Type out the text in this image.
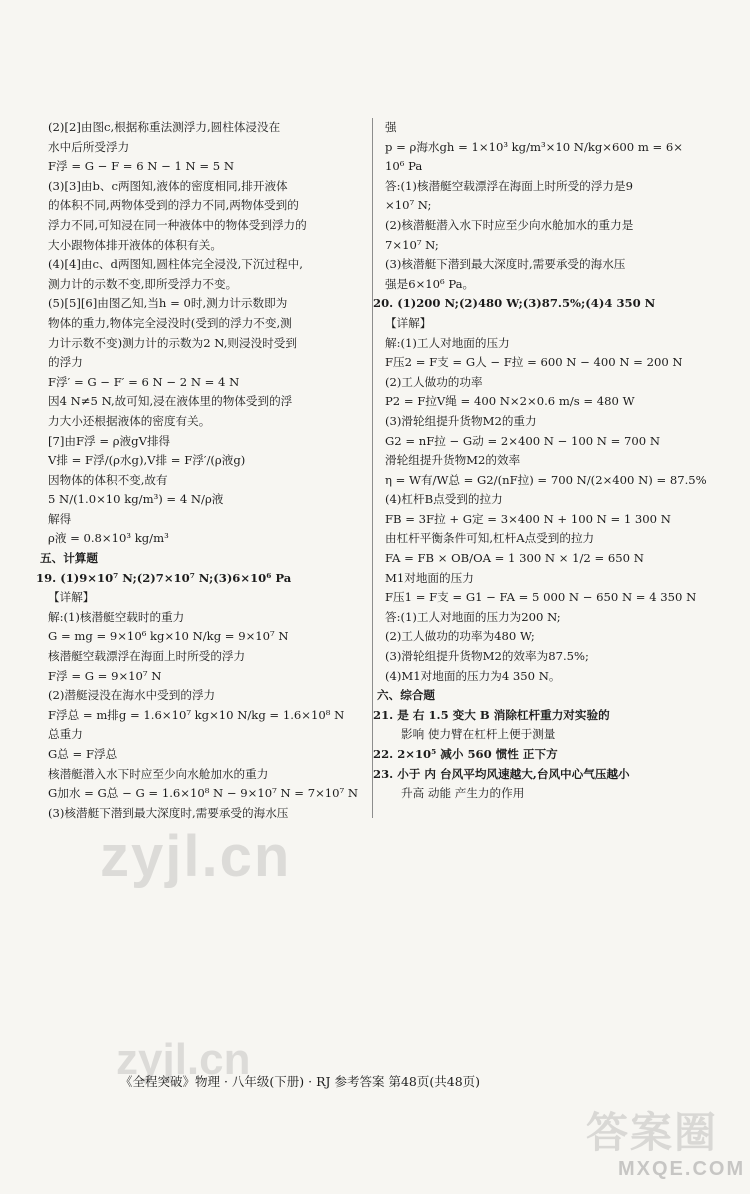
(2)[2]由图c,根据称重法测浮力,圆柱体浸没在
水中后所受浮力
F浮 = G − F = 6 N − 1 N = 5 N
(3)[3]由b、c两图知,液体的密度相同,排开液体
的体积不同,两物体受到的浮力不同,两物体受到的
浮力不同,可知浸在同一种液体中的物体受到浮力的
大小跟物体排开液体的体积有关。
(4)[4]由c、d两图知,圆柱体完全浸没,下沉过程中,
测力计的示数不变,即所受浮力不变。
(5)[5][6]由图乙知,当h = 0时,测力计示数即为
物体的重力,物体完全浸没时(受到的浮力不变,测
力计示数不变)测力计的示数为2 N,则浸没时受到
的浮力
F浮′ = G − F′ = 6 N − 2 N = 4 N
因4 N≠5 N,故可知,浸在液体里的物体受到的浮
力大小还根据液体的密度有关。
[7]由F浮 = ρ液gV排得
V排 = F浮/(ρ水g),V排 = F浮′/(ρ液g)
因物体的体积不变,故有
5 N/(1.0×10 kg/m³) = 4 N/ρ液
解得
ρ液 = 0.8×10³ kg/m³
五、计算题
19. (1)9×10⁷ N;(2)7×10⁷ N;(3)6×10⁶ Pa
【详解】
解:(1)核潜艇空载时的重力
G = mg = 9×10⁶ kg×10 N/kg = 9×10⁷ N
核潜艇空载漂浮在海面上时所受的浮力
F浮 = G = 9×10⁷ N
(2)潜艇浸没在海水中受到的浮力
F浮总 = m排g = 1.6×10⁷ kg×10 N/kg = 1.6×10⁸ N
总重力
G总 = F浮总
核潜艇潜入水下时应至少向水舱加水的重力
G加水 = G总 − G = 1.6×10⁸ N − 9×10⁷ N = 7×10⁷ N
(3)核潜艇下潜到最大深度时,需要承受的海水压
强
p = ρ海水gh = 1×10³ kg/m³×10 N/kg×600 m = 6×
10⁶ Pa
答:(1)核潜艇空载漂浮在海面上时所受的浮力是9
×10⁷ N;
(2)核潜艇潜入水下时应至少向水舱加水的重力是
7×10⁷ N;
(3)核潜艇下潜到最大深度时,需要承受的海水压
强是6×10⁶ Pa。
20. (1)200 N;(2)480 W;(3)87.5%;(4)4 350 N
【详解】
解:(1)工人对地面的压力
F压2 = F支 = G人 − F拉 = 600 N − 400 N = 200 N
(2)工人做功的功率
P2 = F拉V绳 = 400 N×2×0.6 m/s = 480 W
(3)滑轮组提升货物M2的重力
G2 = nF拉 − G动 = 2×400 N − 100 N = 700 N
滑轮组提升货物M2的效率
η = W有/W总 = G2/(nF拉) = 700 N/(2×400 N) = 87.5%
(4)杠杆B点受到的拉力
FB = 3F拉 + G定 = 3×400 N + 100 N = 1 300 N
由杠杆平衡条件可知,杠杆A点受到的拉力
FA = FB × OB/OA = 1 300 N × 1/2 = 650 N
M1对地面的压力
F压1 = F支 = G1 − FA = 5 000 N − 650 N = 4 350 N
答:(1)工人对地面的压力为200 N;
(2)工人做功的功率为480 W;
(3)滑轮组提升货物M2的效率为87.5%;
(4)M1对地面的压力为4 350 N。
六、综合题
21. 是 右 1.5 变大 B 消除杠杆重力对实验的
影响 使力臂在杠杆上便于测量
22. 2×10⁵ 减小 560 惯性 正下方
23. 小于 内 台风平均风速越大,台风中心气压越小
升高 动能 产生力的作用
zyjl.cn
zyjl.cn
《全程突破》物理 · 八年级(下册) · RJ 参考答案 第48页(共48页)
答案圈
MXQE.COM
